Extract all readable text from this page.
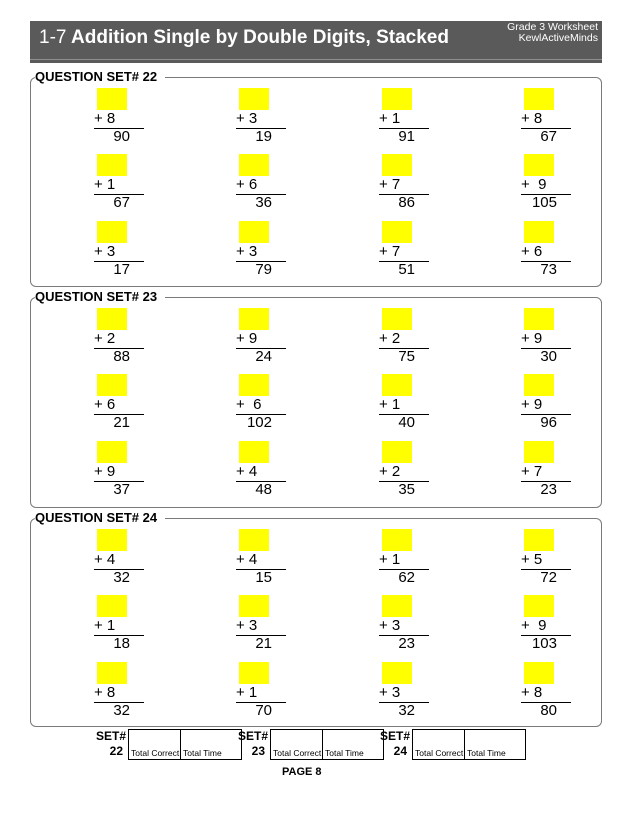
1-7 Addition Single by Double Digits, Stacked	Grade 3 Worksheet
KewlActiveMinds
QUESTION SET# 22
+ 8
90
+ 3
19
+ 1
91
+ 8
67
+ 1
67
+ 6
36
+ 7
86
+  9
105
+ 3
17
+ 3
79
+ 7
51
+ 6
73
QUESTION SET# 23
+ 2
88
+ 9
24
+ 2
75
+ 9
30
+ 6
21
+  6
102
+ 1
40
+ 9
96
+ 9
37
+ 4
48
+ 2
35
+ 7
23
QUESTION SET# 24
+ 4
32
+ 4
15
+ 1
62
+ 5
72
+ 1
18
+ 3
21
+ 3
23
+  9
103
+ 8
32
+ 1
70
+ 3
32
+ 8
80
SET#
22 Total Correct Total Time
SET#
23 Total Correct Total Time
SET#
24 Total Correct Total Time
PAGE 8
